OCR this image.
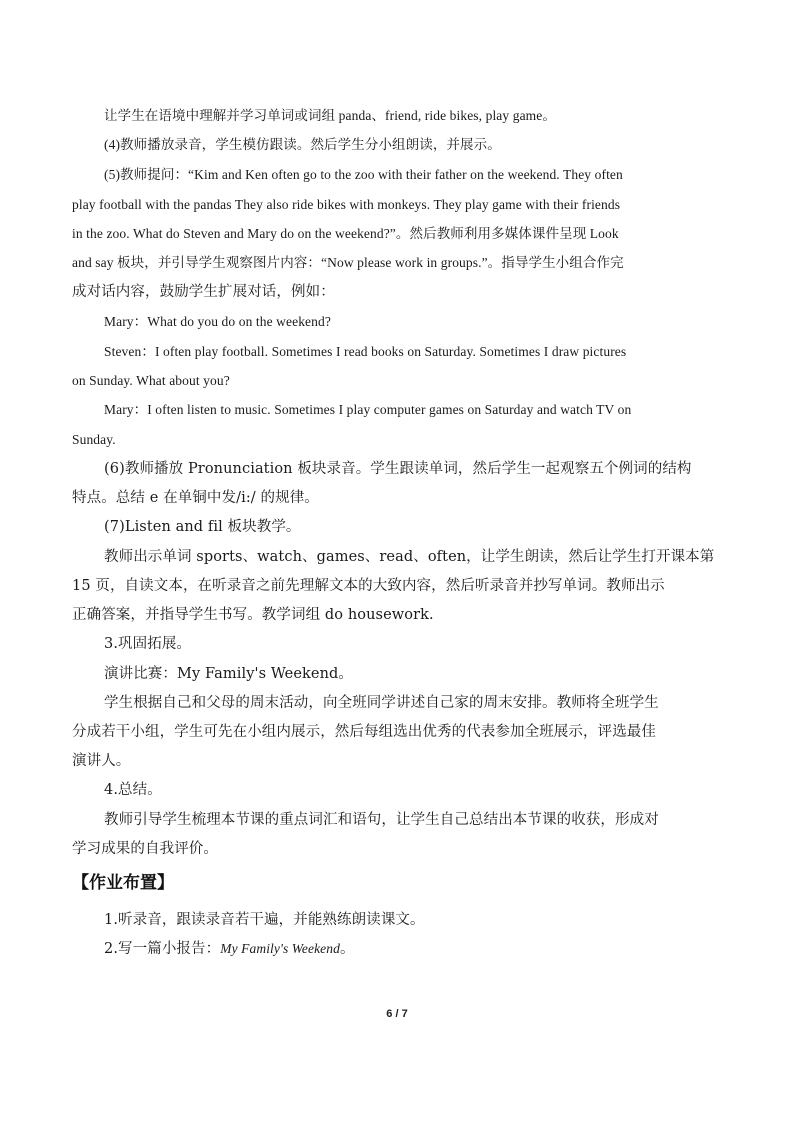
让学生在语境中理解并学习单词或词组 panda、friend, ride bikes, play game。
(4)教师播放录音，学生模仿跟读。然后学生分小组朗读，并展示。
(5)教师提问：“Kim and Ken often go to the zoo with their father on the weekend. They often
play football with the pandas They also ride bikes with monkeys. They play game with their friends
in the zoo. What do Steven and Mary do on the weekend?”。然后教师利用多媒体课件呈现 Look
and say 板块，并引导学生观察图片内容：“Now please work in groups.”。指导学生小组合作完
成对话内容，鼓励学生扩展对话，例如：
Mary：What do you do on the weekend?
Steven：I often play football. Sometimes I read books on Saturday. Sometimes I draw pictures
on Sunday. What about you?
Mary：I often listen to music. Sometimes I play computer games on Saturday and watch TV on
Sunday.
(6)教师播放 Pronunciation 板块录音。学生跟读单词，然后学生一起观察五个例词的结构
特点。总结 e 在单铜中发/i:/ 的规律。
(7)Listen and fil 板块教学。
教师出示单词 sports、watch、games、read、often，让学生朗读，然后让学生打开课本第
15 页，自读文本，在听录音之前先理解文本的大致内容，然后听录音并抄写单词。教师出示
正确答案，并指导学生书写。教学词组 do housework.
3.巩固拓展。
演讲比赛：My Family's Weekend。
学生根据自己和父母的周末活动，向全班同学讲述自己家的周末安排。教师将全班学生
分成若干小组，学生可先在小组内展示，然后每组选出优秀的代表参加全班展示，评选最佳
演讲人。
4.总结。
教师引导学生梳理本节课的重点词汇和语句，让学生自己总结出本节课的收获，形成对
学习成果的自我评价。
【作业布置】
1.听录音，跟读录音若干遍，并能熟练朗读课文。
2.写一篇小报告：My Family's Weekend。
6 / 7
